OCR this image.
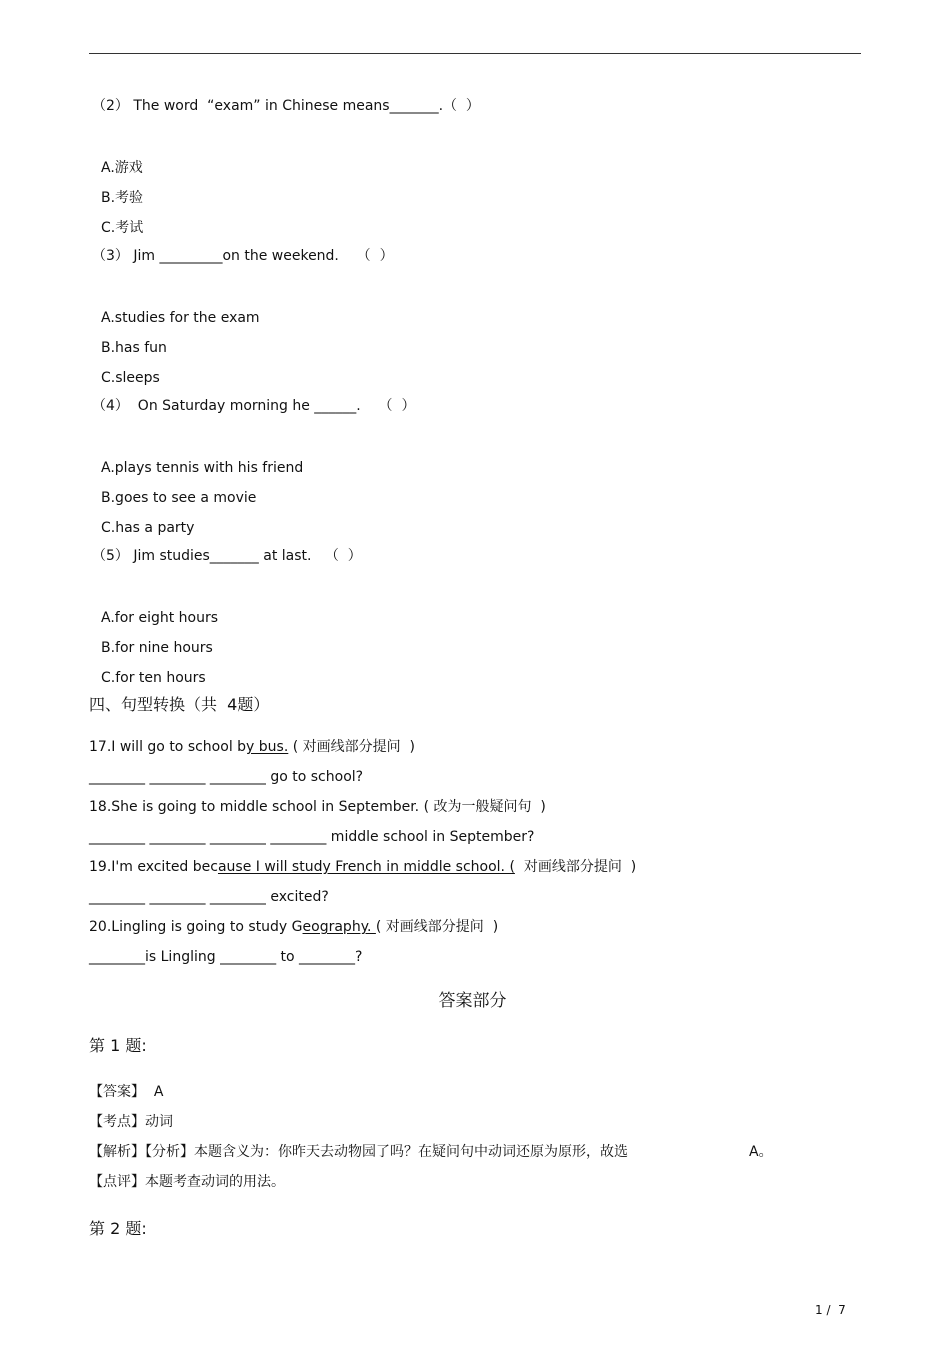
（2） The word  “exam” in Chinese means_______.（  ）
A.游戏
B.考验
C.考试
（3） Jim _________on the weekend.    （  ）
A.studies for the exam
B.has fun
C.sleeps
（4）  On Saturday morning he ______.    （  ）
A.plays tennis with his friend
B.goes to see a movie
C.has a party
（5） Jim studies_______ at last.   （  ）
A.for eight hours
B.for nine hours
C.for ten hours
四、句型转换（共  4题）
17.I will go to school by bus. ( 对画线部分提问  )
________ ________ ________ go to school?
18.She is going to middle school in September. ( 改为一般疑问句  )
________ ________ ________ ________ middle school in September?
19.I'm excited because I will study French in middle school. (  对画线部分提问  )
________ ________ ________ excited?
20.Lingling is going to study Geography. ( 对画线部分提问  )
________is Lingling ________ to ________?
答案部分
第 1 题:
【答案】  A
【考点】动词
【解析】【分析】本题含义为：你昨天去动物园了吗？在疑问句中动词还原为原形，故选	A。
【点评】本题考查动词的用法。
第 2 题:
1 /  7
